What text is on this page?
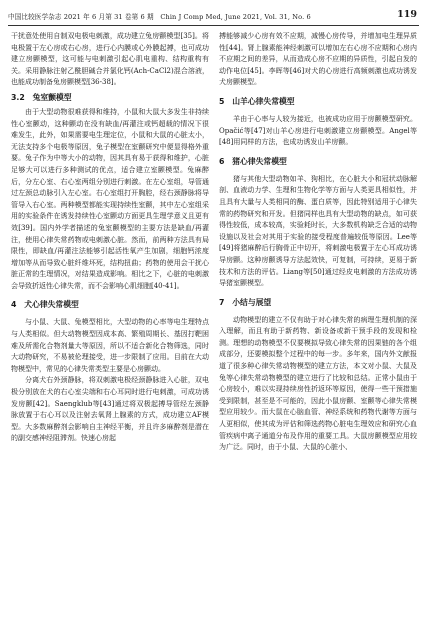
中国比较医学杂志 2021 年 6 月第 31 卷第 6 期　Chin J Comp Med, June 2021, Vol. 31, No. 6	119

干扰意处使用自制双电极电刺激，成功建立兔房颤模型[35]。将电极置于左心房或右心房，进行心内膜或心外膜起搏，也可成功建立房颤模型，这可能与电刺激引起心肌电重构、结构重构有关。采用静脉注射乙酰胆碱合并氯化钙(Ach-CaCl2)混合溶液，也能成功制备兔房颤模型[36-38]。

3.2　兔室颤模型

由于大型动物很难获得和维持，小鼠和大鼠大多发生非持续性心室颤动，这种颤动在没有缺血/再灌注或钙超载的情况下很难发生，此外，如果需要电生理定位，小鼠和大鼠的心脏太小，无法支持多个电极等原因，兔子模型在室颤研究中便显得格外重要。兔子作为中等大小的动物，因其具有易于获得和维护，心脏足够大可以进行多种测试的优点，适合建立室颤模型。兔麻醉后，分左心室、右心室两组分别进行刺激。在左心室组，导管通过左颈总动脉引入左心室。右心室组打开胸腔，经右颈静脉将导管导入右心室。两种模型都能实现持续性室颤，其中左心室组采用的实验条件在诱发持续性心室颤动方面更具生理学意义且更有效[39]。国内外学者描述的兔室颤模型的主要方法是缺血/再灌注，使用心律失常药物或电刺激心脏。然而，前两种方法具有局限性，即缺血/再灌注法能够引起活性氧产生加剧，细胞钙浓度增加等从而导致心脏纤维坏死，结构扭曲；药物的使用会干扰心脏正常的生理情况，对结果造成影响。相比之下，心脏的电刺激会导致折返性心律失常，而不会影响心肌细胞[40-41]。

4　犬心律失常模型

与小鼠、大鼠、兔模型相比，大型动物的心率等电生理特点与人类相似。但大动物模型因成本高、繁殖周期长、基因打靶困难及所需化合物剂量大等原因，所以不适合新化合物筛选，同时大动物研究，不易被伦理接受，进一步限制了应用。目前在大动物模型中，常见的心律失常类型主要是心房颤动。

分离犬右外颈静脉，将双刺激电极经颈静脉进入心脏，双电极分别放在犬的右心室尖端和右心耳同时进行电刺激，可成功诱发房颤[42]。Saengklub等[43]通过将双极起搏导管经左颈静脉放置于右心耳以及注射去氧肾上腺素的方式，成功建立AF模型。大多数麻醉剂会影响自主神经平衡，并且许多麻醉剂是潜在的副交感神经阻滞剂。快速心房起

搏能够减少心房有效不应期，减慢心房传导，并增加电生理异质性[44]。肾上腺素能神经刺激可以增加左右心房不应期和心房内不应期之间的差异，从而造成心房不应期的异质性，引起自发的动作电位[45]。李晖等[46]对犬的心房进行高频刺激也成功诱发犬房颤模型。

5　山羊心律失常模型

羊由于心率与人较为接近，也被成功应用于房颤模型研究。Opačić等[47]对山羊心房进行电刺激建立房颤模型。Angel等[48]用同样的方法，也成功诱发山羊房颤。

6　猪心律失常模型

猪与其他大型动物如羊、狗相比，在心脏大小和冠状动脉解剖、血液动力学、生理和生物化学等方面与人类更具相似性，并且具有大量与人类相同的酶、蛋白质等，因此特别适用于心律失常的药物研究和开发。但猪同样也具有大型动物的缺点，如可获得性较低，成本较高，实验耗时长，大多数机构缺乏合适的动物设施以及社会对其用于实验的接受程度普遍较低等原因。Lee等[49]将猪麻醉后行胸骨正中切开，将刺激电极置于左心耳成功诱导房颤。这种房颤诱导方法起效快，可复制，可持续，更易于新技术和方法的评估。Liang等[50]通过经皮电刺激的方法成功诱导猪室颤模型。

7　小结与展望

动物模型的建立不仅有助于对心律失常的病理生理机制的深入理解，而且有助于新药物、新设备或新干预手段的发现和检测。理想的动物模型不仅要模拟导致心律失常的因果链的各个组成部分，还要模拟整个过程中的每一步。多年来，国内外文献报道了很多种心律失常动物模型的建立方法，本文对小鼠、大鼠及兔等心律失常动物模型的建立进行了比较和总结。正常小鼠由于心房较小，难以实现持续房性折返环等原因，使得一些干预措施受到限制，甚至是不可能的，因此小鼠房颤、室颤等心律失常模型应用较少。而大鼠在心脑血管、神经系统和药物代谢等方面与人更相似，使其成为评估和筛选药物心脏电生理效应和研究心血管疾病中离子通道分布及作用的重要工具。大鼠房颤模型应用较为广泛。同时，由于小鼠、大鼠的心脏小、
